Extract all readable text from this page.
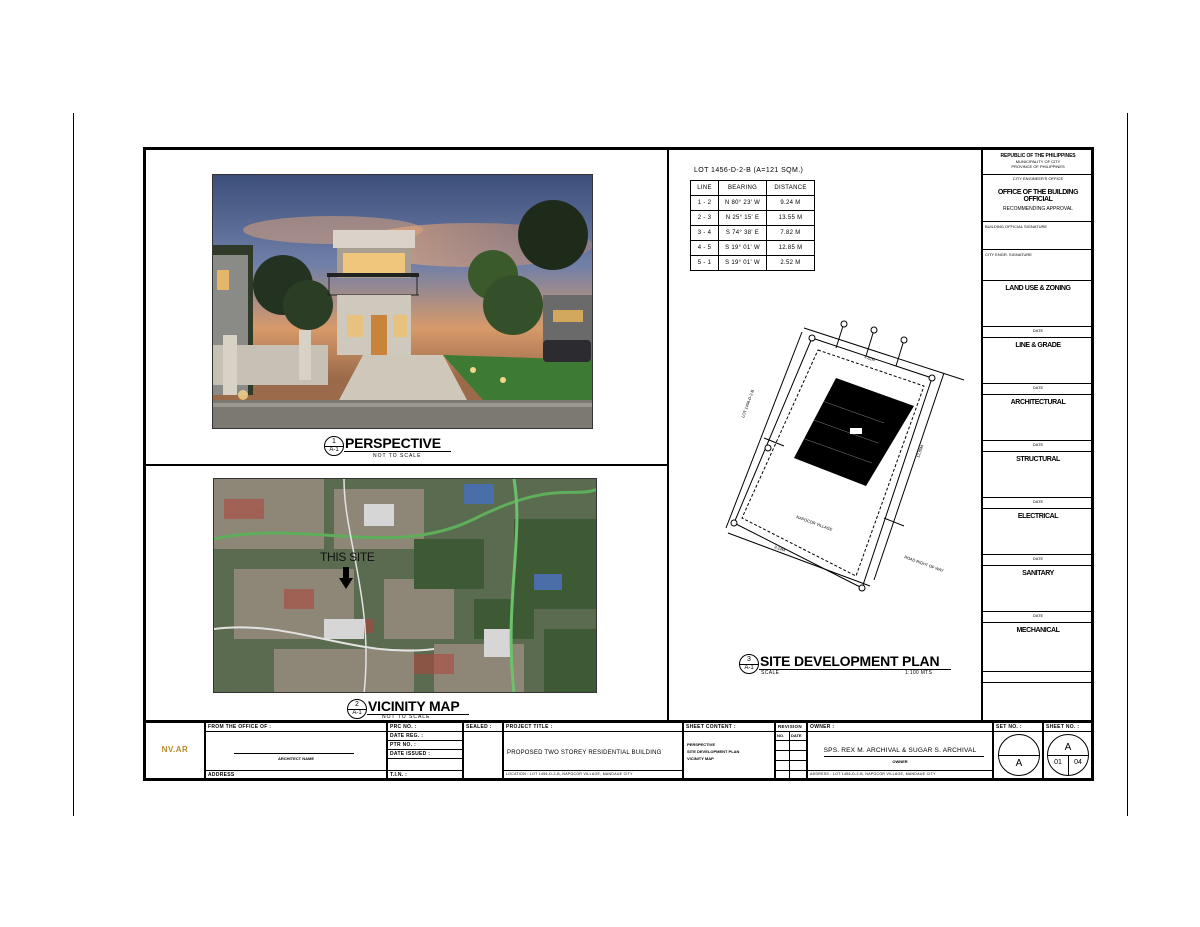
1
A-1 PERSPECTIVE
NOT TO SCALE
THIS SITE
2
A-1 VICINITY MAP
NOT TO SCALE
LOT 1456-D-2-B (A=121 SQM.)
LINE	BEARING	DISTANCE
1 - 2	N 80° 23' W	9.24 M
2 - 3	N 25° 15' E	13.55 M
3 - 4	S 74° 38' E	7.82 M
4 - 5	S 19° 01' W	12.85 M
5 - 1	S 19° 01' W	2.52 M
4.82M
LOT 1456-D-2-B
12.85M
NAPOCOR VILLAGE
9.24M
ROAD RIGHT OF WAY
3
A-1 SITE DEVELOPMENT PLAN
SCALE	1:100 MTS
REPUBLIC OF THE PHILIPPINES
MUNICIPALITY OF CITY
PROVINCE OF PHILIPPINES
CITY ENGINEER'S OFFICE
OFFICE OF THE BUILDING OFFICIAL
RECOMMENDING APPROVAL
BUILDING OFFICIAL SIGNATURE
CITY ENGR. SIGNATURE
LAND USE & ZONING
DATE
LINE & GRADE
DATE
ARCHITECTURAL
DATE
STRUCTURAL
DATE
ELECTRICAL
DATE
SANITARY
DATE
MECHANICAL
NV.AR
FROM THE OFFICE OF :
ARCHITECT NAME
ADDRESS
PRC NO. :
DATE REG. :
PTR NO. :
DATE ISSUED :
T.I.N. :
SEALED :	PROJECT TITLE :
PROPOSED TWO STOREY RESIDENTIAL BUILDING
LOCATION : LOT 1456-D-2-B, NAPOCOR VILLAGE, MANDAUE CITY
SHEET CONTENT :
PERSPECTIVE
SITE DEVELOPMENT PLAN
VICINITY MAP
REVISION
NO. DATE
OWNER :
SPS. REX M. ARCHIVAL & SUGAR S. ARCHIVAL
OWNER
ADDRESS : LOT 1456-D-2-B, NAPOCOR VILLAGE, MANDAUE CITY
SET NO. :
A
SHEET NO. :
A
01	04
